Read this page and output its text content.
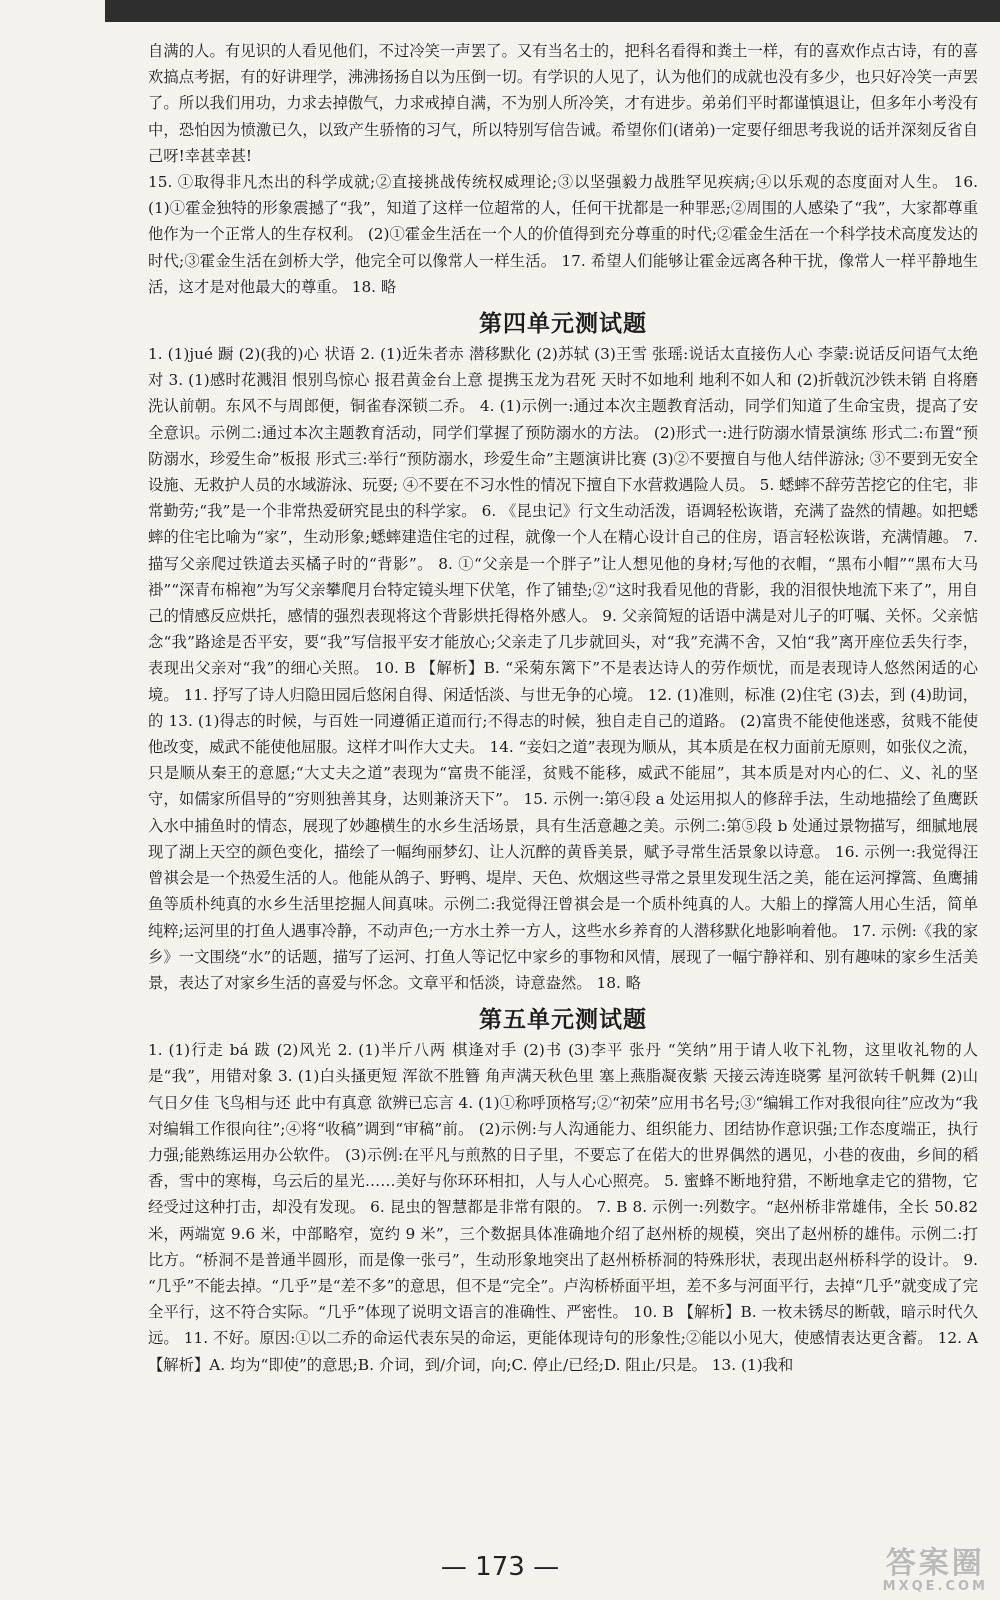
自满的人。有见识的人看见他们，不过冷笑一声罢了。又有当名士的，把科名看得和粪土一样，有的喜欢作点古诗，有的喜欢搞点考据，有的好讲理学，沸沸扬扬自以为压倒一切。有学识的人见了，认为他们的成就也没有多少，也只好冷笑一声罢了。所以我们用功，力求去掉傲气，力求戒掉自满，不为别人所冷笑，才有进步。弟弟们平时都谨慎退让，但多年小考没有中，恐怕因为愤激已久，以致产生骄惰的习气，所以特别写信告诫。希望你们(诸弟)一定要仔细思考我说的话并深刻反省自己呀!幸甚幸甚!

15. ①取得非凡杰出的科学成就;②直接挑战传统权威理论;③以坚强毅力战胜罕见疾病;④以乐观的态度面对人生。 16. (1)①霍金独特的形象震撼了“我”，知道了这样一位超常的人，任何干扰都是一种罪恶;②周围的人感染了“我”，大家都尊重他作为一个正常人的生存权利。 (2)①霍金生活在一个人的价值得到充分尊重的时代;②霍金生活在一个科学技术高度发达的时代;③霍金生活在剑桥大学，他完全可以像常人一样生活。 17. 希望人们能够让霍金远离各种干扰，像常人一样平静地生活，这才是对他最大的尊重。 18. 略

第四单元测试题

1. (1)jué 蹰 (2)(我的)心 状语 2. (1)近朱者赤 潜移默化 (2)苏轼 (3)王雪 张瑶:说话太直接伤人心 李蒙:说话反问语气太绝对 3. (1)感时花溅泪 恨别鸟惊心 报君黄金台上意 提携玉龙为君死 天时不如地利 地利不如人和 (2)折戟沉沙铁未销 自将磨洗认前朝。东风不与周郎便，铜雀春深锁二乔。 4. (1)示例一:通过本次主题教育活动，同学们知道了生命宝贵，提高了安全意识。示例二:通过本次主题教育活动，同学们掌握了预防溺水的方法。 (2)形式一:进行防溺水情景演练 形式二:布置“预防溺水，珍爱生命”板报 形式三:举行“预防溺水，珍爱生命”主题演讲比赛 (3)②不要擅自与他人结伴游泳; ③不要到无安全设施、无救护人员的水域游泳、玩耍; ④不要在不习水性的情况下擅自下水营救遇险人员。 5. 蟋蟀不辞劳苦挖它的住宅，非常勤劳;“我”是一个非常热爱研究昆虫的科学家。 6. 《昆虫记》行文生动活泼，语调轻松诙谐，充满了盎然的情趣。如把蟋蟀的住宅比喻为“家”，生动形象;蟋蟀建造住宅的过程，就像一个人在精心设计自己的住房，语言轻松诙谐，充满情趣。 7. 描写父亲爬过铁道去买橘子时的“背影”。 8. ①“父亲是一个胖子”让人想见他的身材;写他的衣帽，“黑布小帽”“黑布大马褂”“深青布棉袍”为写父亲攀爬月台特定镜头埋下伏笔，作了铺垫;②“这时我看见他的背影，我的泪很快地流下来了”，用自己的情感反应烘托，感情的强烈表现将这个背影烘托得格外感人。 9. 父亲简短的话语中满是对儿子的叮嘱、关怀。父亲惦念“我”路途是否平安，要“我”写信报平安才能放心;父亲走了几步就回头，对“我”充满不舍，又怕“我”离开座位丢失行李，表现出父亲对“我”的细心关照。 10. B 【解析】B. “采菊东篱下”不是表达诗人的劳作烦忧，而是表现诗人悠然闲适的心境。 11. 抒写了诗人归隐田园后悠闲自得、闲适恬淡、与世无争的心境。 12. (1)准则，标准 (2)住宅 (3)去，到 (4)助词，的 13. (1)得志的时候，与百姓一同遵循正道而行;不得志的时候，独自走自己的道路。 (2)富贵不能使他迷惑，贫贱不能使他改变，威武不能使他屈服。这样才叫作大丈夫。 14. “妾妇之道”表现为顺从，其本质是在权力面前无原则，如张仪之流，只是顺从秦王的意愿;“大丈夫之道”表现为“富贵不能淫，贫贱不能移，威武不能屈”，其本质是对内心的仁、义、礼的坚守，如儒家所倡导的“穷则独善其身，达则兼济天下”。 15. 示例一:第④段 a 处运用拟人的修辞手法，生动地描绘了鱼鹰跃入水中捕鱼时的情态，展现了妙趣横生的水乡生活场景，具有生活意趣之美。示例二:第⑤段 b 处通过景物描写，细腻地展现了湖上天空的颜色变化，描绘了一幅绚丽梦幻、让人沉醉的黄昏美景，赋予寻常生活景象以诗意。 16. 示例一:我觉得汪曾祺会是一个热爱生活的人。他能从鸽子、野鸭、堤岸、天色、炊烟这些寻常之景里发现生活之美，能在运河撑篙、鱼鹰捕鱼等质朴纯真的水乡生活里挖掘人间真味。示例二:我觉得汪曾祺会是一个质朴纯真的人。大船上的撑篙人用心生活，简单纯粹;运河里的打鱼人遇事冷静，不动声色;一方水土养一方人，这些水乡养育的人潜移默化地影响着他。 17. 示例:《我的家乡》一文围绕“水”的话题，描写了运河、打鱼人等记忆中家乡的事物和风情，展现了一幅宁静祥和、别有趣味的家乡生活美景，表达了对家乡生活的喜爱与怀念。文章平和恬淡，诗意盎然。 18. 略

第五单元测试题

1. (1)行走 bá 跋 (2)风光 2. (1)半斤八两 棋逢对手 (2)书 (3)李平 张丹 “笑纳”用于请人收下礼物，这里收礼物的人是“我”，用错对象 3. (1)白头搔更短 浑欲不胜簪 角声满天秋色里 塞上燕脂凝夜紫 天接云涛连晓雾 星河欲转千帆舞 (2)山气日夕佳 飞鸟相与还 此中有真意 欲辨已忘言 4. (1)①称呼顶格写;②“初荣”应用书名号;③“编辑工作对我很向往”应改为“我对编辑工作很向往”;④将“收稿”调到“审稿”前。 (2)示例:与人沟通能力、组织能力、团结协作意识强;工作态度端正，执行力强;能熟练运用办公软件。 (3)示例:在平凡与煎熬的日子里，不要忘了在偌大的世界偶然的遇见，小巷的夜曲，乡间的稻香，雪中的寒梅，乌云后的星光……美好与你环环相扣，人与人心心照亮。 5. 蜜蜂不断地狩猎，不断地拿走它的猎物，它经受过这种打击，却没有发现。 6. 昆虫的智慧都是非常有限的。 7. B 8. 示例一:列数字。“赵州桥非常雄伟，全长 50.82 米，两端宽 9.6 米，中部略窄，宽约 9 米”，三个数据具体准确地介绍了赵州桥的规模，突出了赵州桥的雄伟。示例二:打比方。“桥洞不是普通半圆形，而是像一张弓”，生动形象地突出了赵州桥桥洞的特殊形状，表现出赵州桥科学的设计。 9. “几乎”不能去掉。“几乎”是“差不多”的意思，但不是“完全”。卢沟桥桥面平坦，差不多与河面平行，去掉“几乎”就变成了完全平行，这不符合实际。“几乎”体现了说明文语言的准确性、严密性。 10. B 【解析】B. 一枚未锈尽的断戟，暗示时代久远。 11. 不好。原因:①以二乔的命运代表东吴的命运，更能体现诗句的形象性;②能以小见大，使感情表达更含蓄。 12. A 【解析】A. 均为“即使”的意思;B. 介词，到/介词，向;C. 停止/已经;D. 阻止/只是。 13. (1)我和

— 173 —	答案圈
MXQE.COM
